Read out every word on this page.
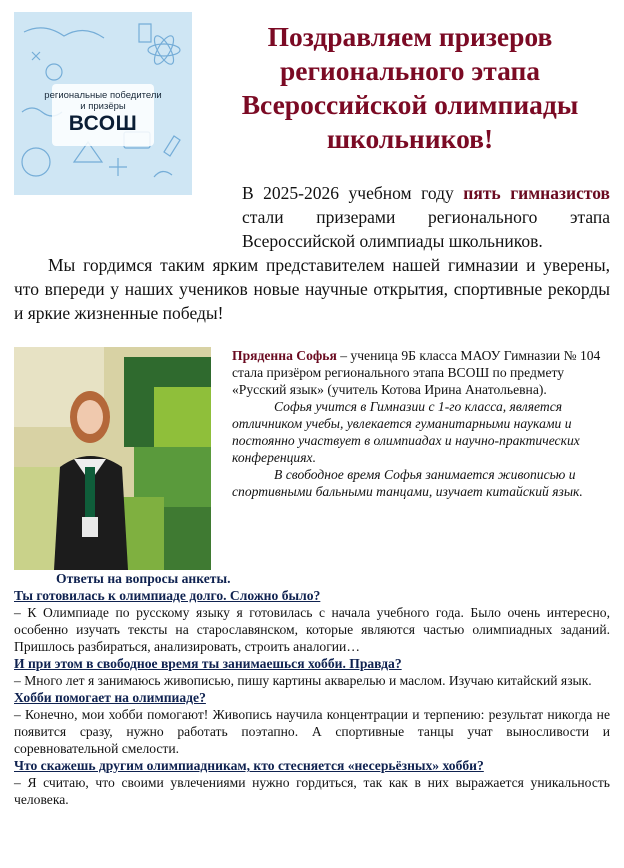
региональные победители
и призёры
ВСОШ
Поздравляем призеров
регионального этапа
Всероссийской олимпиады
школьников!

В 2025-2026 учебном году пять гимназистов стали призерами регионального этапа Всероссийской олимпиады школьников.

Мы гордимся таким ярким представителем нашей гимназии и уверены, что впереди у наших учеников новые научные открытия, спортивные рекорды и яркие жизненные победы!

Пряденна Софья – ученица 9Б класса МАОУ Гимназии № 104 стала призёром регионального этапа ВСОШ по предмету «Русский язык» (учитель Котова Ирина Анатольевна).

Софья учится в Гимназии с 1-го класса, является отличником учебы, увлекается гуманитарными науками и постоянно участвует в олимпиадах и научно-практических конференциях.

В свободное время Софья занимается живописью и спортивными бальными танцами, изучает китайский язык.

Ответы на вопросы анкеты.
Ты готовилась к олимпиаде долго. Сложно было?
– К Олимпиаде по русскому языку я готовилась с начала учебного года. Было очень интересно, особенно изучать тексты на старославянском, которые являются частью олимпиадных заданий. Пришлось разбираться, анализировать, строить аналогии…
И при этом в свободное время ты занимаешься хобби. Правда?
– Много лет я занимаюсь живописью, пишу картины акварелью и маслом. Изучаю китайский язык.
Хобби помогает на олимпиаде?
– Конечно, мои хобби помогают! Живопись научила концентрации и терпению: результат никогда не появится сразу, нужно работать поэтапно. А спортивные танцы учат выносливости и соревновательной смелости.
Что скажешь другим олимпиадникам, кто стесняется «несерьёзных» хобби?
– Я считаю, что своими увлечениями нужно гордиться, так как в них выражается уникальность человека.
